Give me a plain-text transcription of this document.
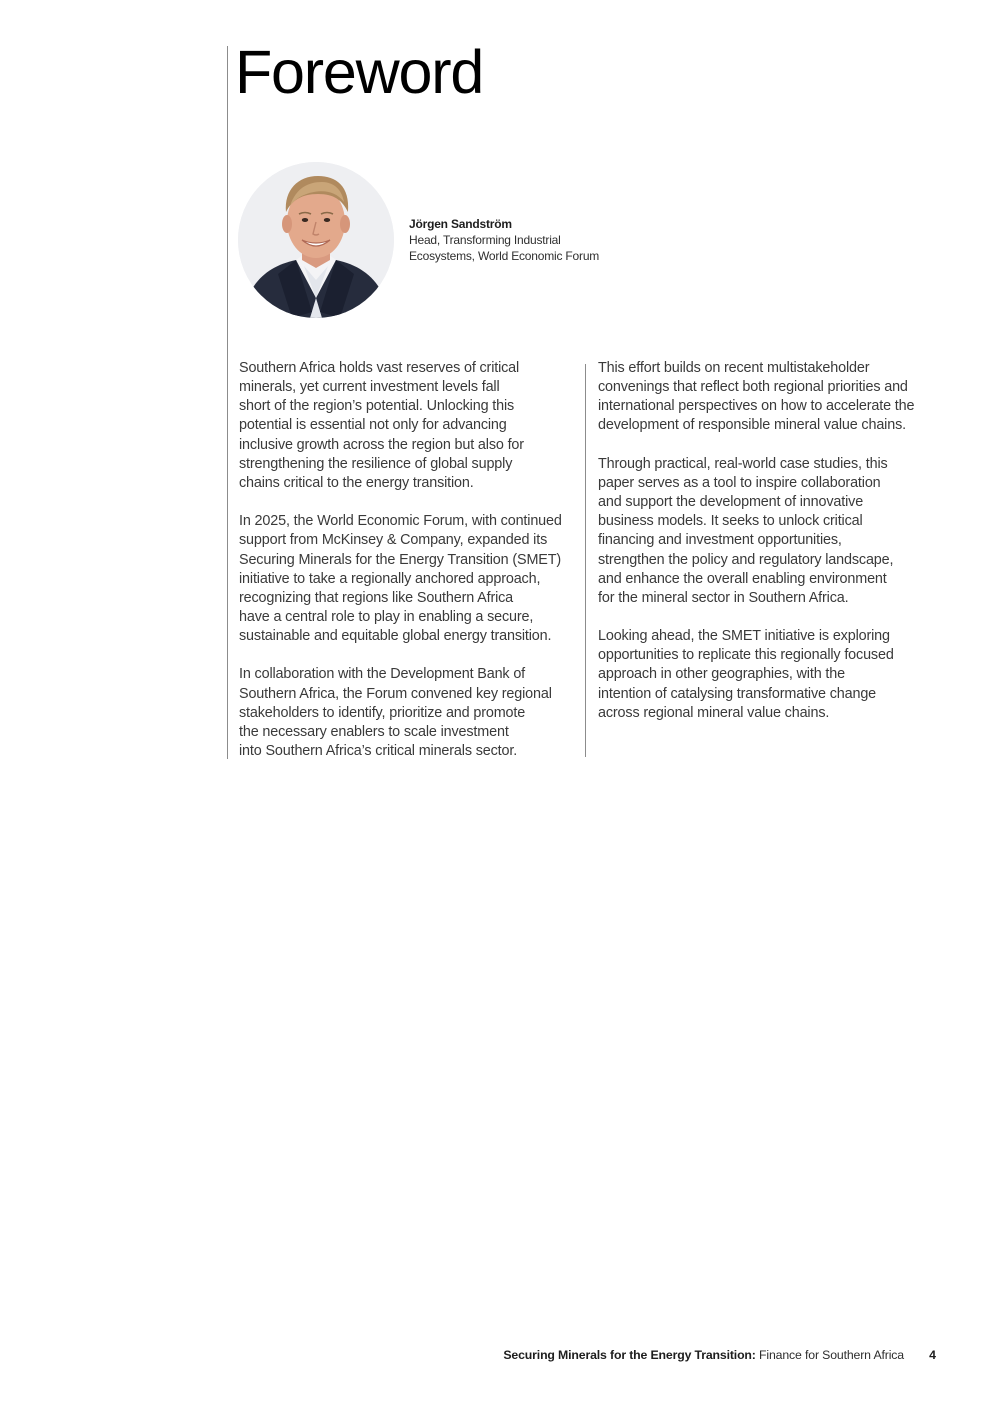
Foreword
Jörgen Sandström
Head, Transforming Industrial
Ecosystems, World Economic Forum

Southern Africa holds vast reserves of critical
minerals, yet current investment levels fall
short of the region’s potential. Unlocking this
potential is essential not only for advancing
inclusive growth across the region but also for
strengthening the resilience of global supply
chains critical to the energy transition.

In 2025, the World Economic Forum, with continued
support from McKinsey & Company, expanded its
Securing Minerals for the Energy Transition (SMET)
initiative to take a regionally anchored approach,
recognizing that regions like Southern Africa
have a central role to play in enabling a secure,
sustainable and equitable global energy transition.

In collaboration with the Development Bank of
Southern Africa, the Forum convened key regional
stakeholders to identify, prioritize and promote
the necessary enablers to scale investment
into Southern Africa’s critical minerals sector.

This effort builds on recent multistakeholder
convenings that reflect both regional priorities and
international perspectives on how to accelerate the
development of responsible mineral value chains.

Through practical, real-world case studies, this
paper serves as a tool to inspire collaboration
and support the development of innovative
business models. It seeks to unlock critical
financing and investment opportunities,
strengthen the policy and regulatory landscape,
and enhance the overall enabling environment
for the mineral sector in Southern Africa.

Looking ahead, the SMET initiative is exploring
opportunities to replicate this regionally focused
approach in other geographies, with the
intention of catalysing transformative change
across regional mineral value chains.

Securing Minerals for the Energy Transition: Finance for Southern Africa	4
